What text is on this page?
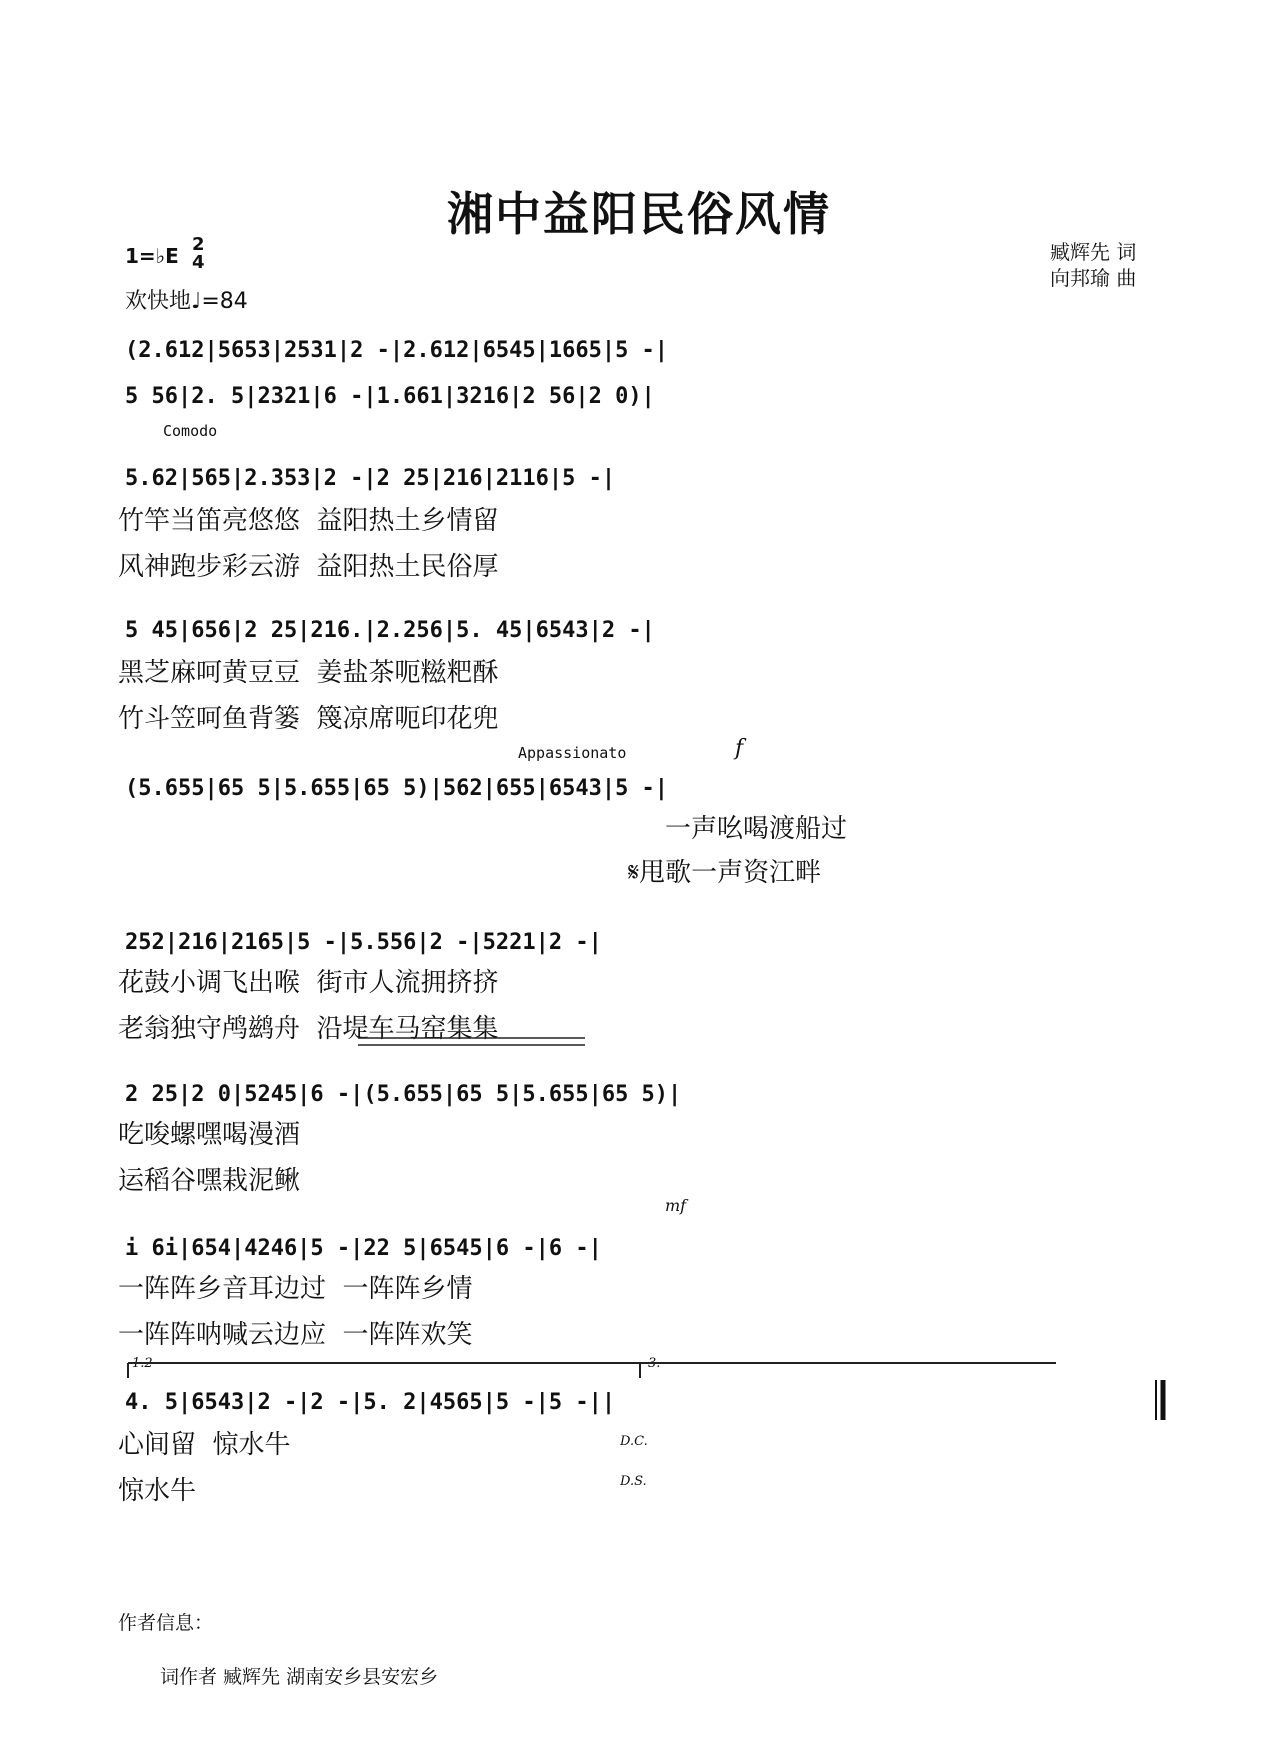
湘中益阳民俗风情
1=♭E 2
4
欢快地♩=84
臧辉先 词
向邦瑜 曲
Comodo
Appassionato	f
mf
1.2	3.
D.C.
D.S.
(2.612|5653|2531|2 -|2.612|6545|1665|5 -|
5 56|2. 5|2321|6 -|1.661|3216|2 56|2 0)|
5.62|565|2.353|2 -|2 25|216|2116|5 -|
竹竿当笛亮悠悠  益阳热土乡情留
风神跑步彩云游  益阳热土民俗厚
5 45|656|2 25|216.|2.256|5. 45|6543|2 -|
黑芝麻呵黄豆豆  姜盐茶呃糍粑酥
竹斗笠呵鱼背篓  篾凉席呃印花兜
(5.655|65 5|5.655|65 5)|562|655|6543|5 -|
一声吆喝渡船过
𝄋甩歌一声资江畔
252|216|2165|5 -|5.556|2 -|5221|2 -|
花鼓小调飞出喉  街市人流拥挤挤
老翁独守鸬鹚舟  沿堤车马窑集集
2 25|2 0|5245|6 -|(5.655|65 5|5.655|65 5)|
吃唆螺嘿喝漫酒
运稻谷嘿栽泥鳅
i 6i|654|4246|5 -|22 5|6545|6 -|6 -|
一阵阵乡音耳边过  一阵阵乡情
一阵阵呐喊云边应  一阵阵欢笑
4. 5|6543|2 -|2 -|5. 2|4565|5 -|5 -||
心间留  惊水牛
惊水牛
作者信息：
词作者 臧辉先 湖南安乡县安宏乡
